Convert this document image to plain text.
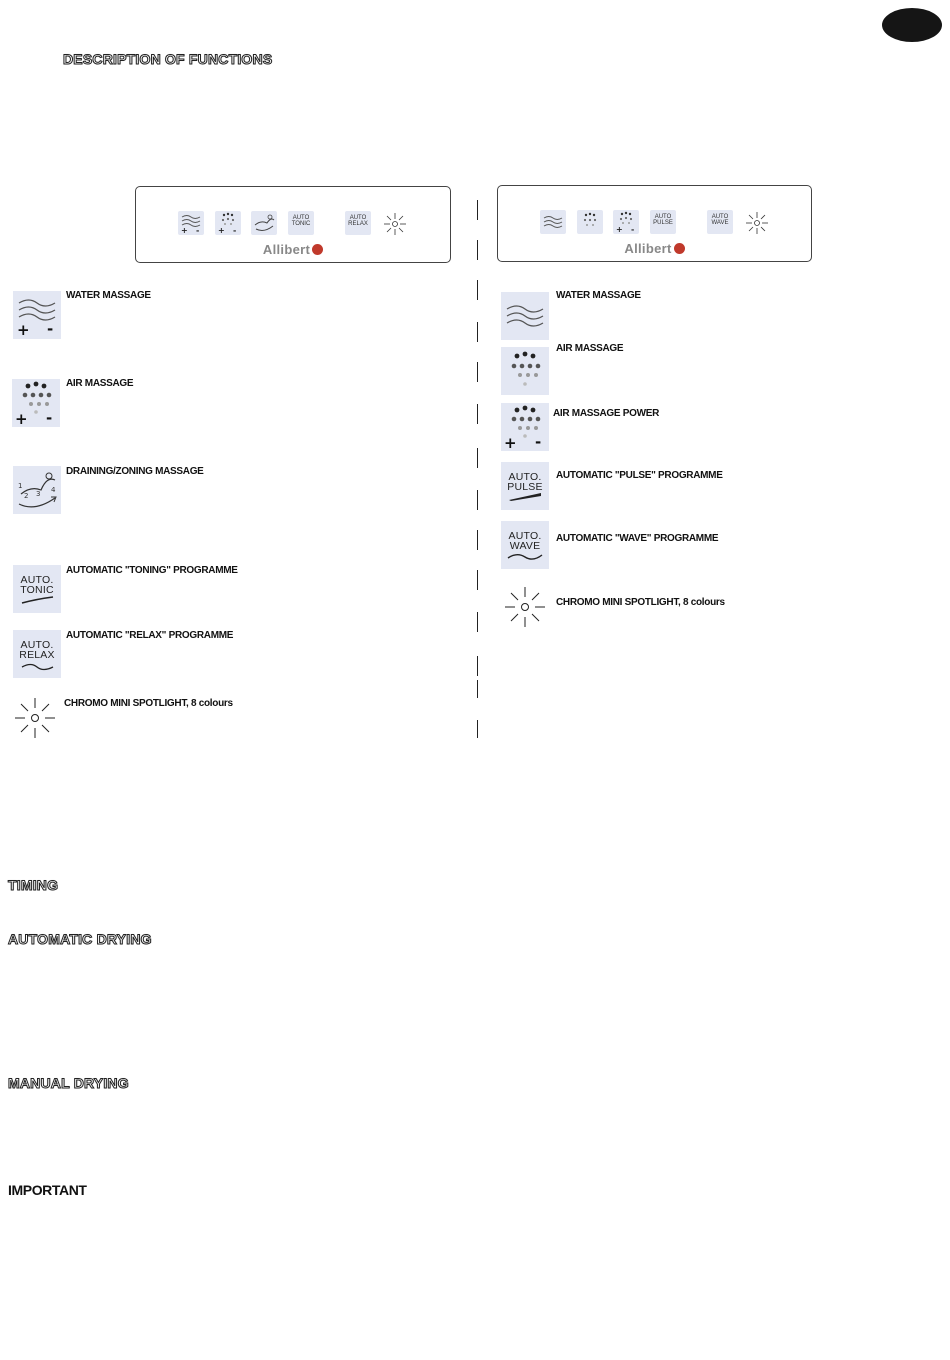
DESCRIPTION OF FUNCTIONS
+ - + -
AUTO
TONIC
AUTO
RELAX
Allibert
+ -
AUTO
PULSE
AUTO
WAVE
Allibert
+ -
WATER MASSAGE
+ -
AIR MASSAGE
1
2 3 4
DRAINING/ZONING MASSAGE
AUTO.
TONIC
AUTOMATIC "TONING" PROGRAMME
AUTO.
RELAX
AUTOMATIC "RELAX" PROGRAMME
CHROMO MINI SPOTLIGHT, 8 colours
WATER MASSAGE
AIR MASSAGE
+ -
AIR MASSAGE POWER
AUTO.
PULSE
AUTOMATIC "PULSE" PROGRAMME
AUTO.
WAVE
AUTOMATIC "WAVE" PROGRAMME
CHROMO MINI SPOTLIGHT, 8 colours
TIMING
AUTOMATIC DRYING
MANUAL DRYING
IMPORTANT
